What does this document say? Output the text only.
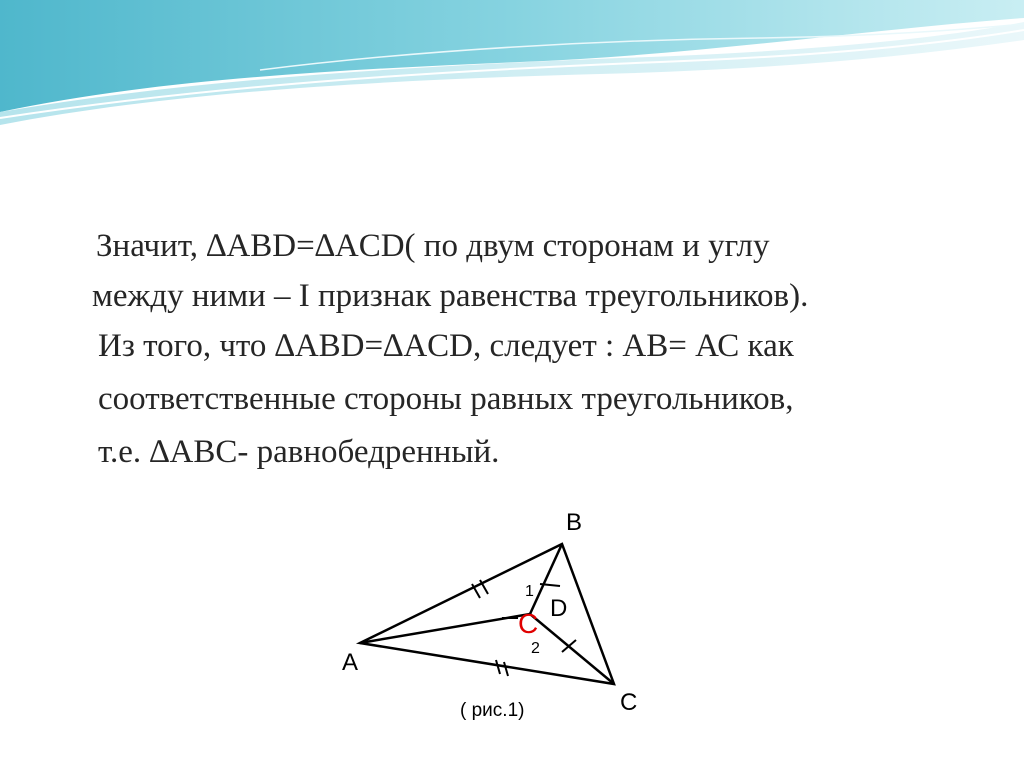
Значит, ∆ABD=∆ACD( по двум сторонам и углу
между ними – I признак равенства треугольников).
Из того, что ∆ABD=∆ACD, следует : АВ= АС как
соответственные стороны равных треугольников,
т.е. ∆ABC- равнобедренный.
A
B
C
D
C
1
2
( рис.1)
